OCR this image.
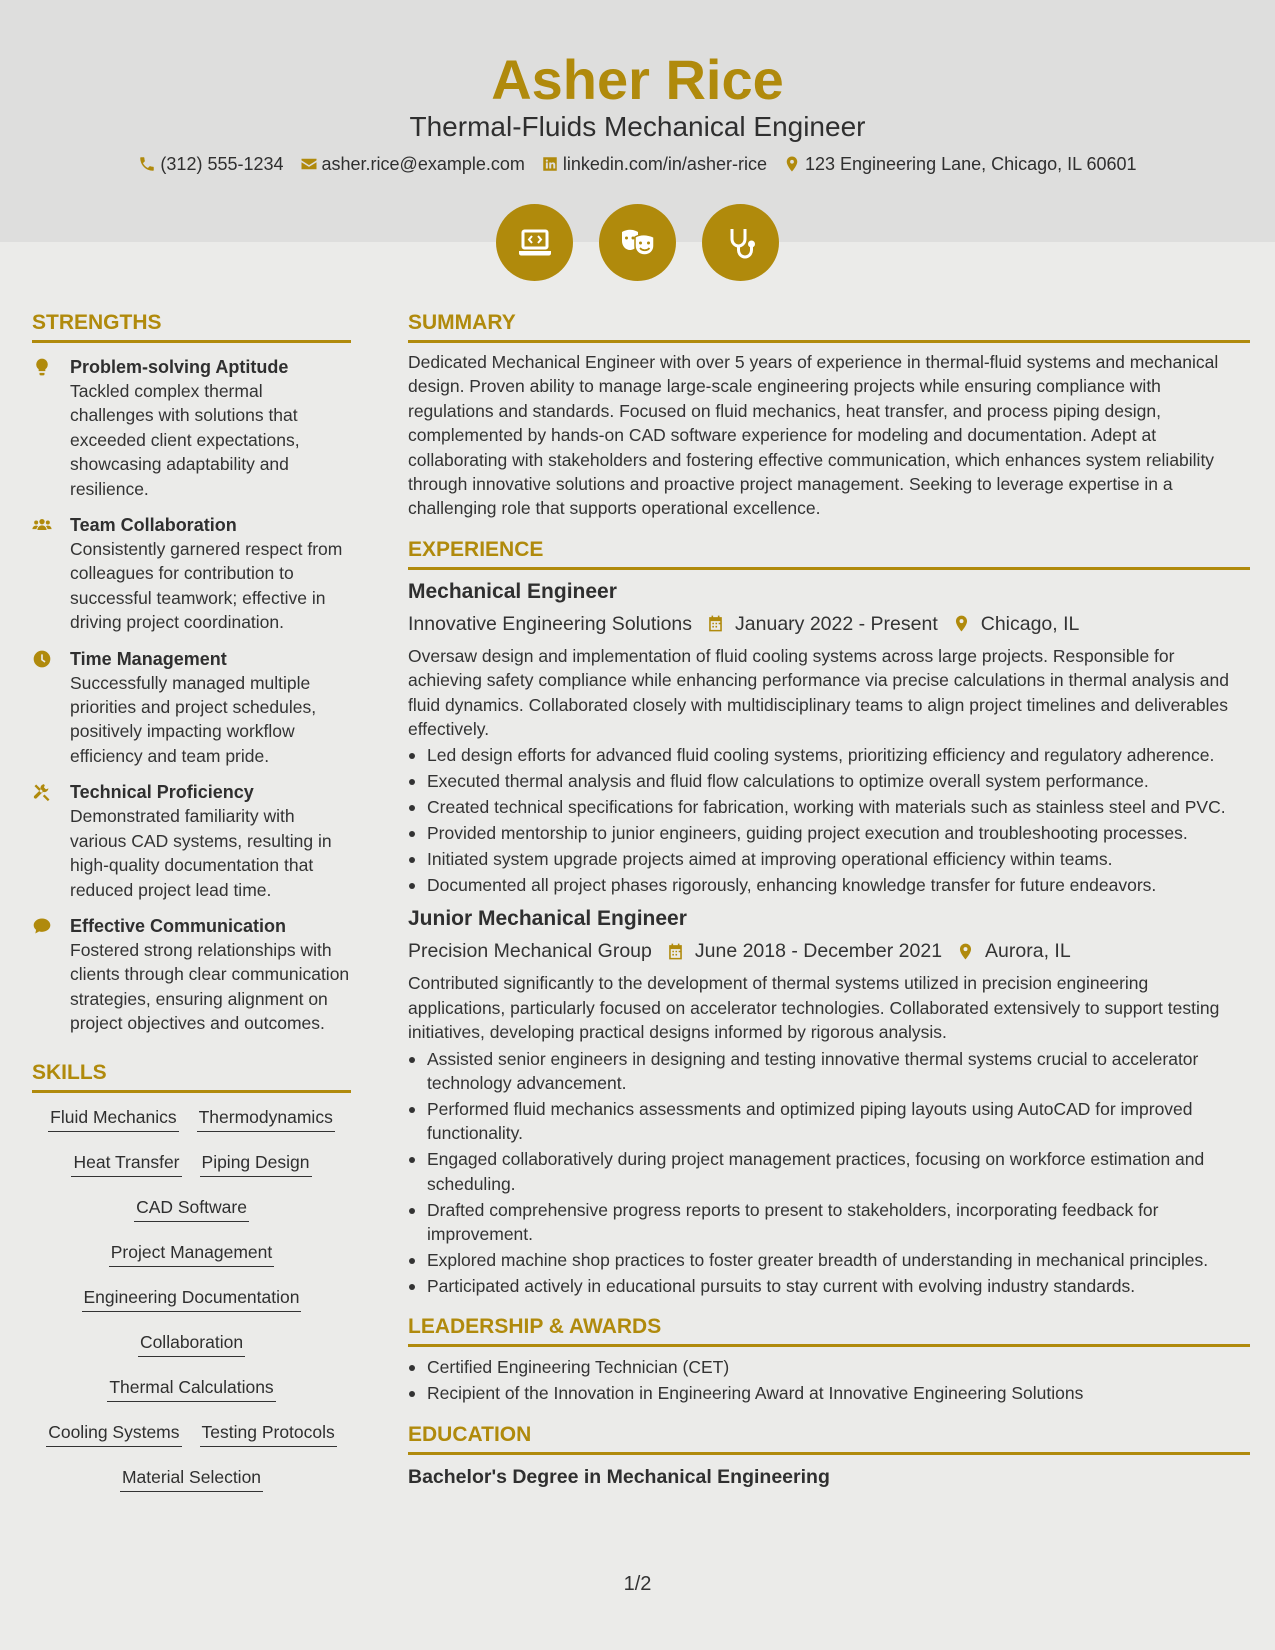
Asher Rice
Thermal-Fluids Mechanical Engineer
(312) 555-1234 asher.rice@example.com linkedin.com/in/asher-rice 123 Engineering Lane, Chicago, IL 60601
STRENGTHS
Problem-solving Aptitude
Tackled complex thermal challenges with solutions that exceeded client expectations, showcasing adaptability and resilience.
Team Collaboration
Consistently garnered respect from colleagues for contribution to successful teamwork; effective in driving project coordination.
Time Management
Successfully managed multiple priorities and project schedules, positively impacting workflow efficiency and team pride.
Technical Proficiency
Demonstrated familiarity with various CAD systems, resulting in high-quality documentation that reduced project lead time.
Effective Communication
Fostered strong relationships with clients through clear communication strategies, ensuring alignment on project objectives and outcomes.
SKILLS
Fluid Mechanics Thermodynamics
Heat Transfer Piping Design
CAD Software
Project Management
Engineering Documentation
Collaboration
Thermal Calculations
Cooling Systems Testing Protocols
Material Selection
SUMMARY
Dedicated Mechanical Engineer with over 5 years of experience in thermal-fluid systems and mechanical design. Proven ability to manage large-scale engineering projects while ensuring compliance with regulations and standards. Focused on fluid mechanics, heat transfer, and process piping design, complemented by hands-on CAD software experience for modeling and documentation. Adept at collaborating with stakeholders and fostering effective communication, which enhances system reliability through innovative solutions and proactive project management. Seeking to leverage expertise in a challenging role that supports operational excellence.
EXPERIENCE
Mechanical Engineer
Innovative Engineering Solutions January 2022 - Present Chicago, IL
Oversaw design and implementation of fluid cooling systems across large projects. Responsible for achieving safety compliance while enhancing performance via precise calculations in thermal analysis and fluid dynamics. Collaborated closely with multidisciplinary teams to align project timelines and deliverables effectively.
Led design efforts for advanced fluid cooling systems, prioritizing efficiency and regulatory adherence.
Executed thermal analysis and fluid flow calculations to optimize overall system performance.
Created technical specifications for fabrication, working with materials such as stainless steel and PVC.
Provided mentorship to junior engineers, guiding project execution and troubleshooting processes.
Initiated system upgrade projects aimed at improving operational efficiency within teams.
Documented all project phases rigorously, enhancing knowledge transfer for future endeavors.
Junior Mechanical Engineer
Precision Mechanical Group June 2018 - December 2021 Aurora, IL
Contributed significantly to the development of thermal systems utilized in precision engineering applications, particularly focused on accelerator technologies. Collaborated extensively to support testing initiatives, developing practical designs informed by rigorous analysis.
Assisted senior engineers in designing and testing innovative thermal systems crucial to accelerator technology advancement.
Performed fluid mechanics assessments and optimized piping layouts using AutoCAD for improved functionality.
Engaged collaboratively during project management practices, focusing on workforce estimation and scheduling.
Drafted comprehensive progress reports to present to stakeholders, incorporating feedback for improvement.
Explored machine shop practices to foster greater breadth of understanding in mechanical principles.
Participated actively in educational pursuits to stay current with evolving industry standards.
LEADERSHIP & AWARDS
Certified Engineering Technician (CET)
Recipient of the Innovation in Engineering Award at Innovative Engineering Solutions
EDUCATION
Bachelor's Degree in Mechanical Engineering
1/2
